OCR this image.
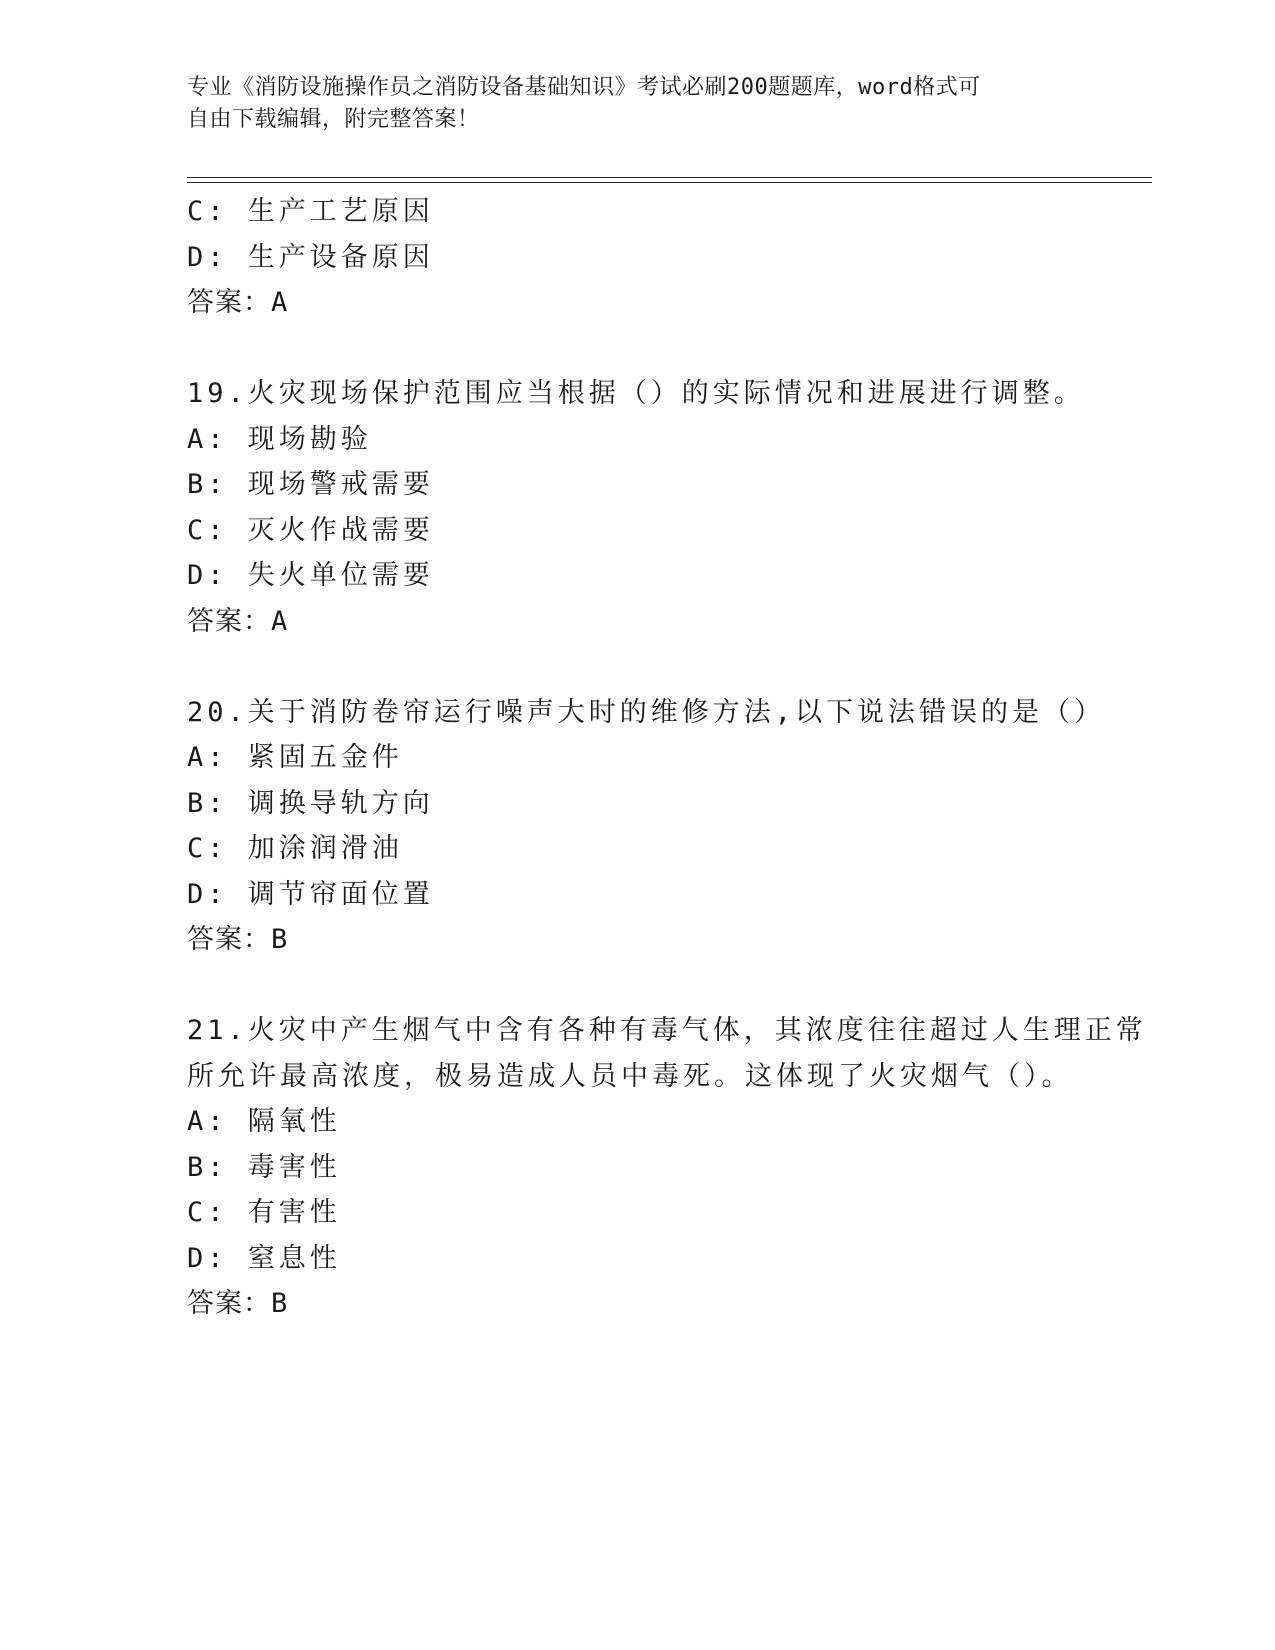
专业《消防设施操作员之消防设备基础知识》考试必刷200题题库，word格式可
自由下载编辑，附完整答案！
C: 生产工艺原因
D: 生产设备原因
答案：A
19.火灾现场保护范围应当根据（）的实际情况和进展进行调整。
A: 现场勘验
B: 现场警戒需要
C: 灭火作战需要
D: 失火单位需要
答案：A
20.关于消防卷帘运行噪声大时的维修方法,以下说法错误的是（）
A: 紧固五金件
B: 调换导轨方向
C: 加涂润滑油
D: 调节帘面位置
答案：B
21.火灾中产生烟气中含有各种有毒气体，其浓度往往超过人生理正常
所允许最高浓度，极易造成人员中毒死。这体现了火灾烟气（）。
A: 隔氧性
B: 毒害性
C: 有害性
D: 窒息性
答案：B
